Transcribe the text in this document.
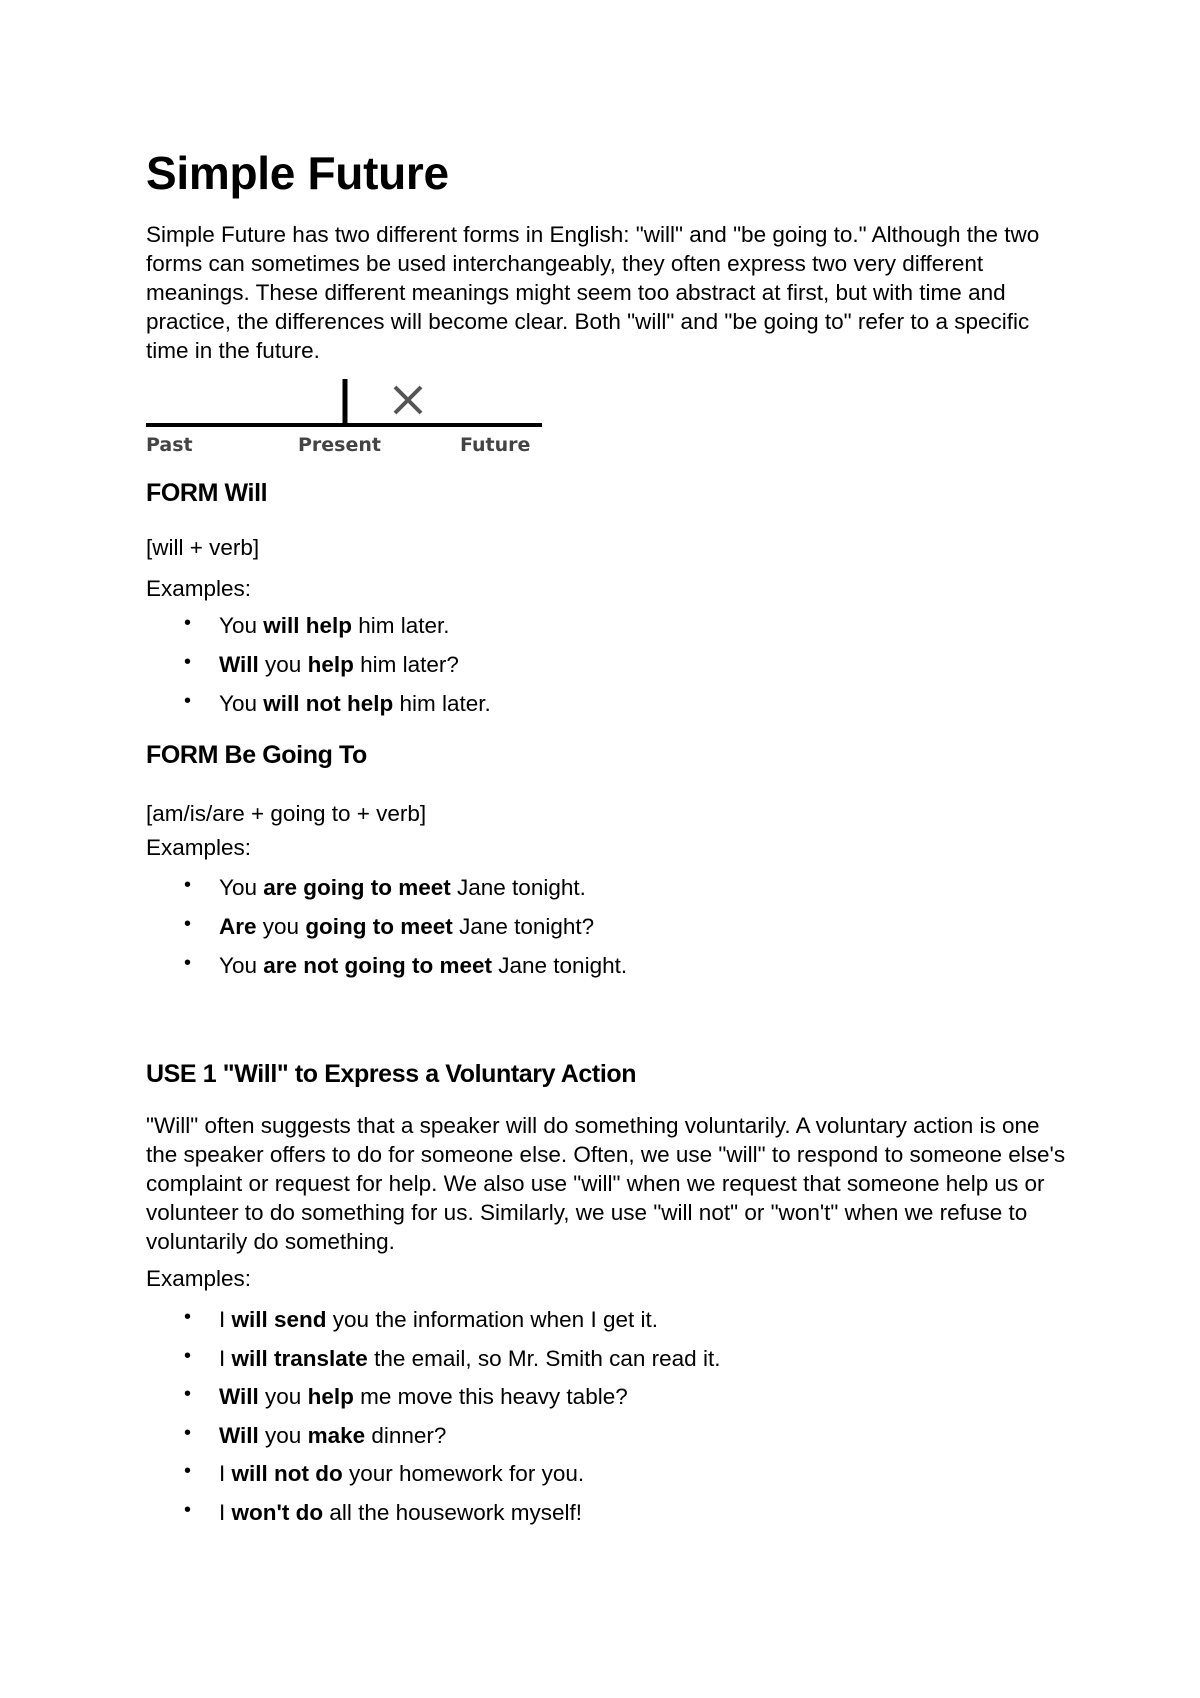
Simple Future

Simple Future has two different forms in English: "will" and "be going to." Although the two forms can sometimes be used interchangeably, they often express two very different meanings. These different meanings might seem too abstract at first, but with time and practice, the differences will become clear. Both "will" and "be going to" refer to a specific time in the future.

Past	Present	Future
FORM Will
[will + verb]
Examples:
• You will help him later.
• Will you help him later?
• You will not help him later.
FORM Be Going To
[am/is/are + going to + verb]
Examples:
• You are going to meet Jane tonight.
• Are you going to meet Jane tonight?
• You are not going to meet Jane tonight.
USE 1 "Will" to Express a Voluntary Action

"Will" often suggests that a speaker will do something voluntarily. A voluntary action is one the speaker offers to do for someone else. Often, we use "will" to respond to someone else's complaint or request for help. We also use "will" when we request that someone help us or volunteer to do something for us. Similarly, we use "will not" or "won't" when we refuse to voluntarily do something.

Examples:
• I will send you the information when I get it.
• I will translate the email, so Mr. Smith can read it.
• Will you help me move this heavy table?
• Will you make dinner?
• I will not do your homework for you.
• I won't do all the housework myself!
